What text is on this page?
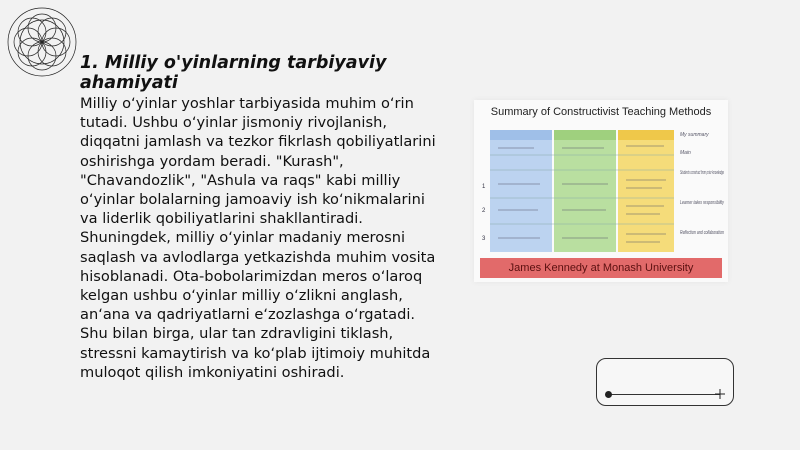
1. Milliy o'yinlarning tarbiyaviy ahamiyati

Milliy o‘yinlar yoshlar tarbiyasida muhim o‘rin tutadi. Ushbu o‘yinlar jismoniy rivojlanish, diqqatni jamlash va tezkor fikrlash qobiliyatlarini oshirishga yordam beradi. "Kurash", "Chavandozlik", "Ashula va raqs" kabi milliy o‘yinlar bolalarning jamoaviy ish ko‘nikmalarini va liderlik qobiliyatlarini shakllantiradi. Shuningdek, milliy o‘yinlar madaniy merosni saqlash va avlodlarga yetkazishda muhim vosita hisoblanadi. Ota-bobolarimizdan meros o‘laroq kelgan ushbu o‘yinlar milliy o‘zlikni anglash, an‘ana va qadriyatlarni e‘zozlashga o‘rgatadi. Shu bilan birga, ular tan zdravligini tiklash, stressni kamaytirish va ko‘plab ijtimoiy muhitda muloqot qilish imkoniyatini oshiradi.

Summary of Constructivist Teaching Methods
1
2
3
My summary
Main
Students construct from prior knowledge
Learner takes responsibility
Reflection and collaboration
James Kennedy at Monash University
